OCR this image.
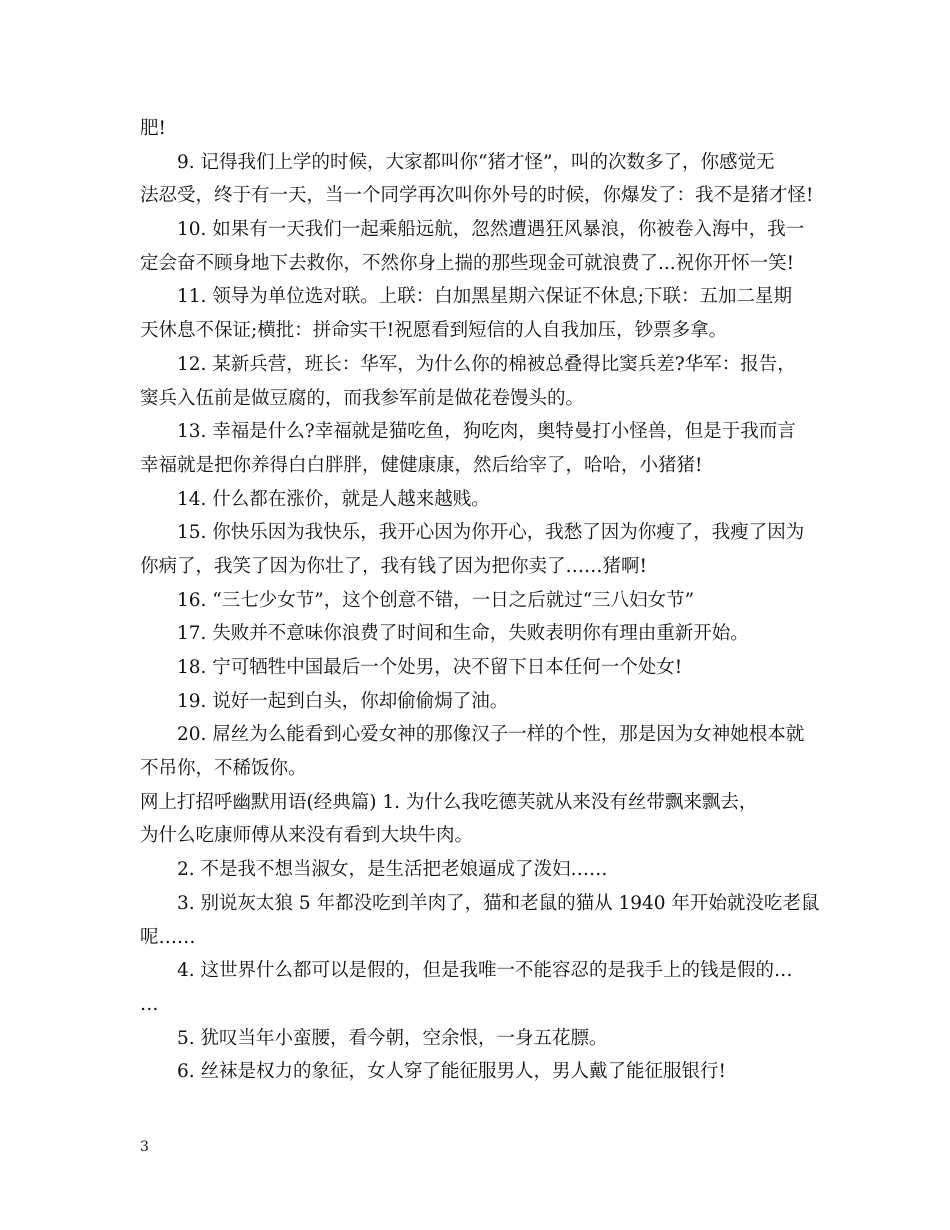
肥!
9. 记得我们上学的时候，大家都叫你“猪才怪”，叫的次数多了，你感觉无
法忍受，终于有一天，当一个同学再次叫你外号的时候，你爆发了：我不是猪才怪!
10. 如果有一天我们一起乘船远航，忽然遭遇狂风暴浪，你被卷入海中，我一
定会奋不顾身地下去救你，不然你身上揣的那些现金可就浪费了...祝你开怀一笑!
11. 领导为单位选对联。上联：白加黑星期六保证不休息;下联：五加二星期
天休息不保证;横批：拼命实干!祝愿看到短信的人自我加压，钞票多拿。
12. 某新兵营，班长：华军，为什么你的棉被总叠得比窦兵差?华军：报告，
窦兵入伍前是做豆腐的，而我参军前是做花卷馒头的。
13. 幸福是什么?幸福就是猫吃鱼，狗吃肉，奥特曼打小怪兽，但是于我而言
幸福就是把你养得白白胖胖，健健康康，然后给宰了，哈哈，小猪猪!
14. 什么都在涨价，就是人越来越贱。
15. 你快乐因为我快乐，我开心因为你开心，我愁了因为你瘦了，我瘦了因为
你病了，我笑了因为你壮了，我有钱了因为把你卖了……猪啊!
16. “三七少女节”，这个创意不错，一日之后就过“三八妇女节”
17. 失败并不意味你浪费了时间和生命，失败表明你有理由重新开始。
18. 宁可牺牲中国最后一个处男，决不留下日本任何一个处女!
19. 说好一起到白头，你却偷偷焗了油。
20. 屌丝为么能看到心爱女神的那像汉子一样的个性，那是因为女神她根本就
不吊你，不稀饭你。
网上打招呼幽默用语(经典篇) 1. 为什么我吃德芙就从来没有丝带飘来飘去，
为什么吃康师傅从来没有看到大块牛肉。
2. 不是我不想当淑女，是生活把老娘逼成了泼妇……
3. 别说灰太狼 5 年都没吃到羊肉了，猫和老鼠的猫从 1940 年开始就没吃老鼠
呢……
4. 这世界什么都可以是假的，但是我唯一不能容忍的是我手上的钱是假的…
…
5. 犹叹当年小蛮腰，看今朝，空余恨，一身五花膘。
6. 丝袜是权力的象征，女人穿了能征服男人，男人戴了能征服银行!
3
